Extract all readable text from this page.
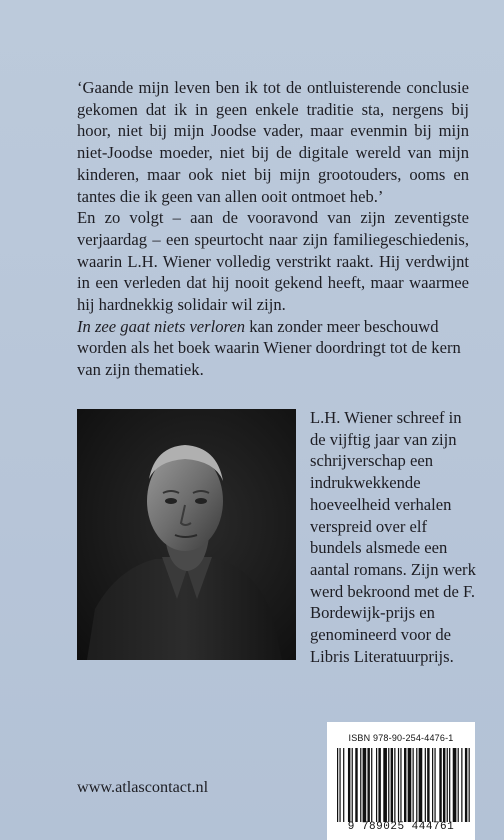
‘Gaande mijn leven ben ik tot de ontluisterende conclusie gekomen dat ik in geen enkele traditie sta, nergens bij hoor, niet bij mijn Joodse vader, maar evenmin bij mijn niet-Joodse moeder, niet bij de digitale wereld van mijn kinderen, maar ook niet bij mijn grootouders, ooms en tantes die ik geen van allen ooit ontmoet heb.’

En zo volgt – aan de vooravond van zijn zeventigste verjaardag – een speurtocht naar zijn familiegeschiedenis, waarin L.H. Wiener volledig verstrikt raakt. Hij verdwijnt in een verleden dat hij nooit gekend heeft, maar waarmee hij hardnekkig solidair wil zijn.

In zee gaat niets verloren kan zonder meer beschouwd worden als het boek waarin Wiener doordringt tot de kern van zijn thematiek.

L.H. Wiener schreef in de vijftig jaar van zijn schrijverschap een indrukwekkende hoeveelheid verhalen verspreid over elf bundels alsmede een aantal romans. Zijn werk werd bekroond met de F. Bordewijk-prijs en genomineerd voor de Libris Literatuurprijs.

www.atlascontact.nl
ISBN 978-90-254-4476-1
9 789025 444761
